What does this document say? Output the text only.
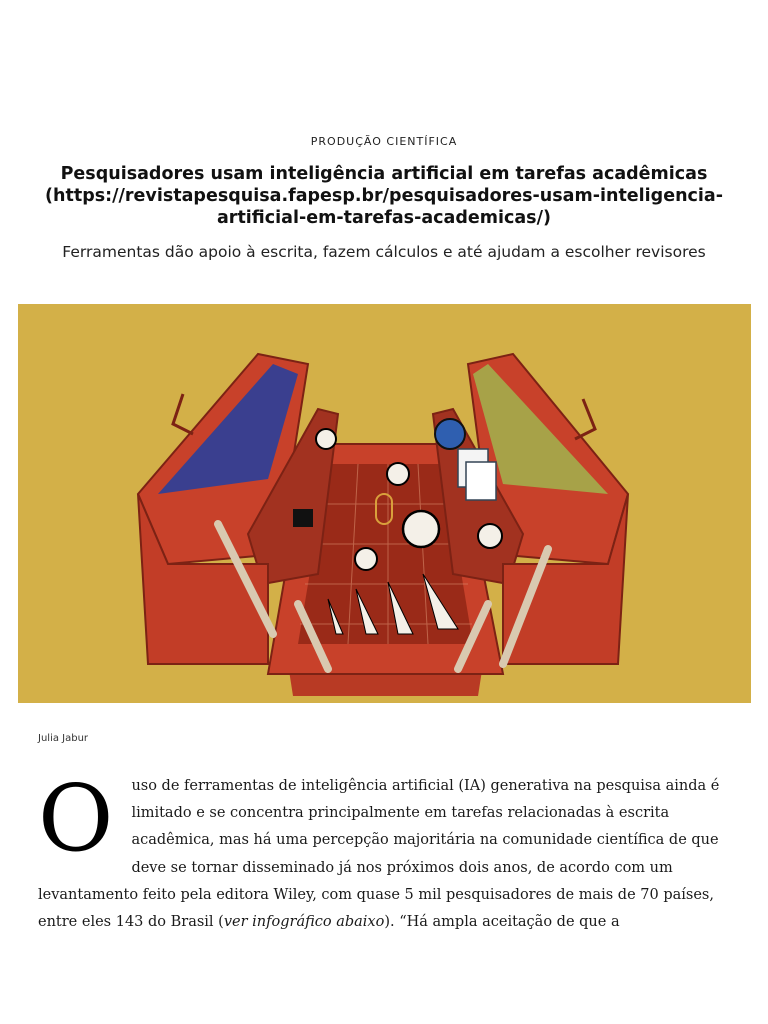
PRODUÇÃO CIENTÍFICA
Pesquisadores usam inteligência artificial em tarefas acadêmicas (https://revistapesquisa.fapesp.br/pesquisadores-usam-inteligencia-artificial-em-tarefas-academicas/)
Ferramentas dão apoio à escrita, fazem cálculos e até ajudam a escolher revisores
Julia Jabur
O uso de ferramentas de inteligência artificial (IA) generativa na pesquisa ainda é limitado e se concentra principalmente em tarefas relacionadas à escrita acadêmica, mas há uma percepção majoritária na comunidade científica de que deve se tornar disseminado já nos próximos dois anos, de acordo com um levantamento feito pela editora Wiley, com quase 5 mil pesquisadores de mais de 70 países, entre eles 143 do Brasil (ver infográfico abaixo). “Há ampla aceitação de que a
